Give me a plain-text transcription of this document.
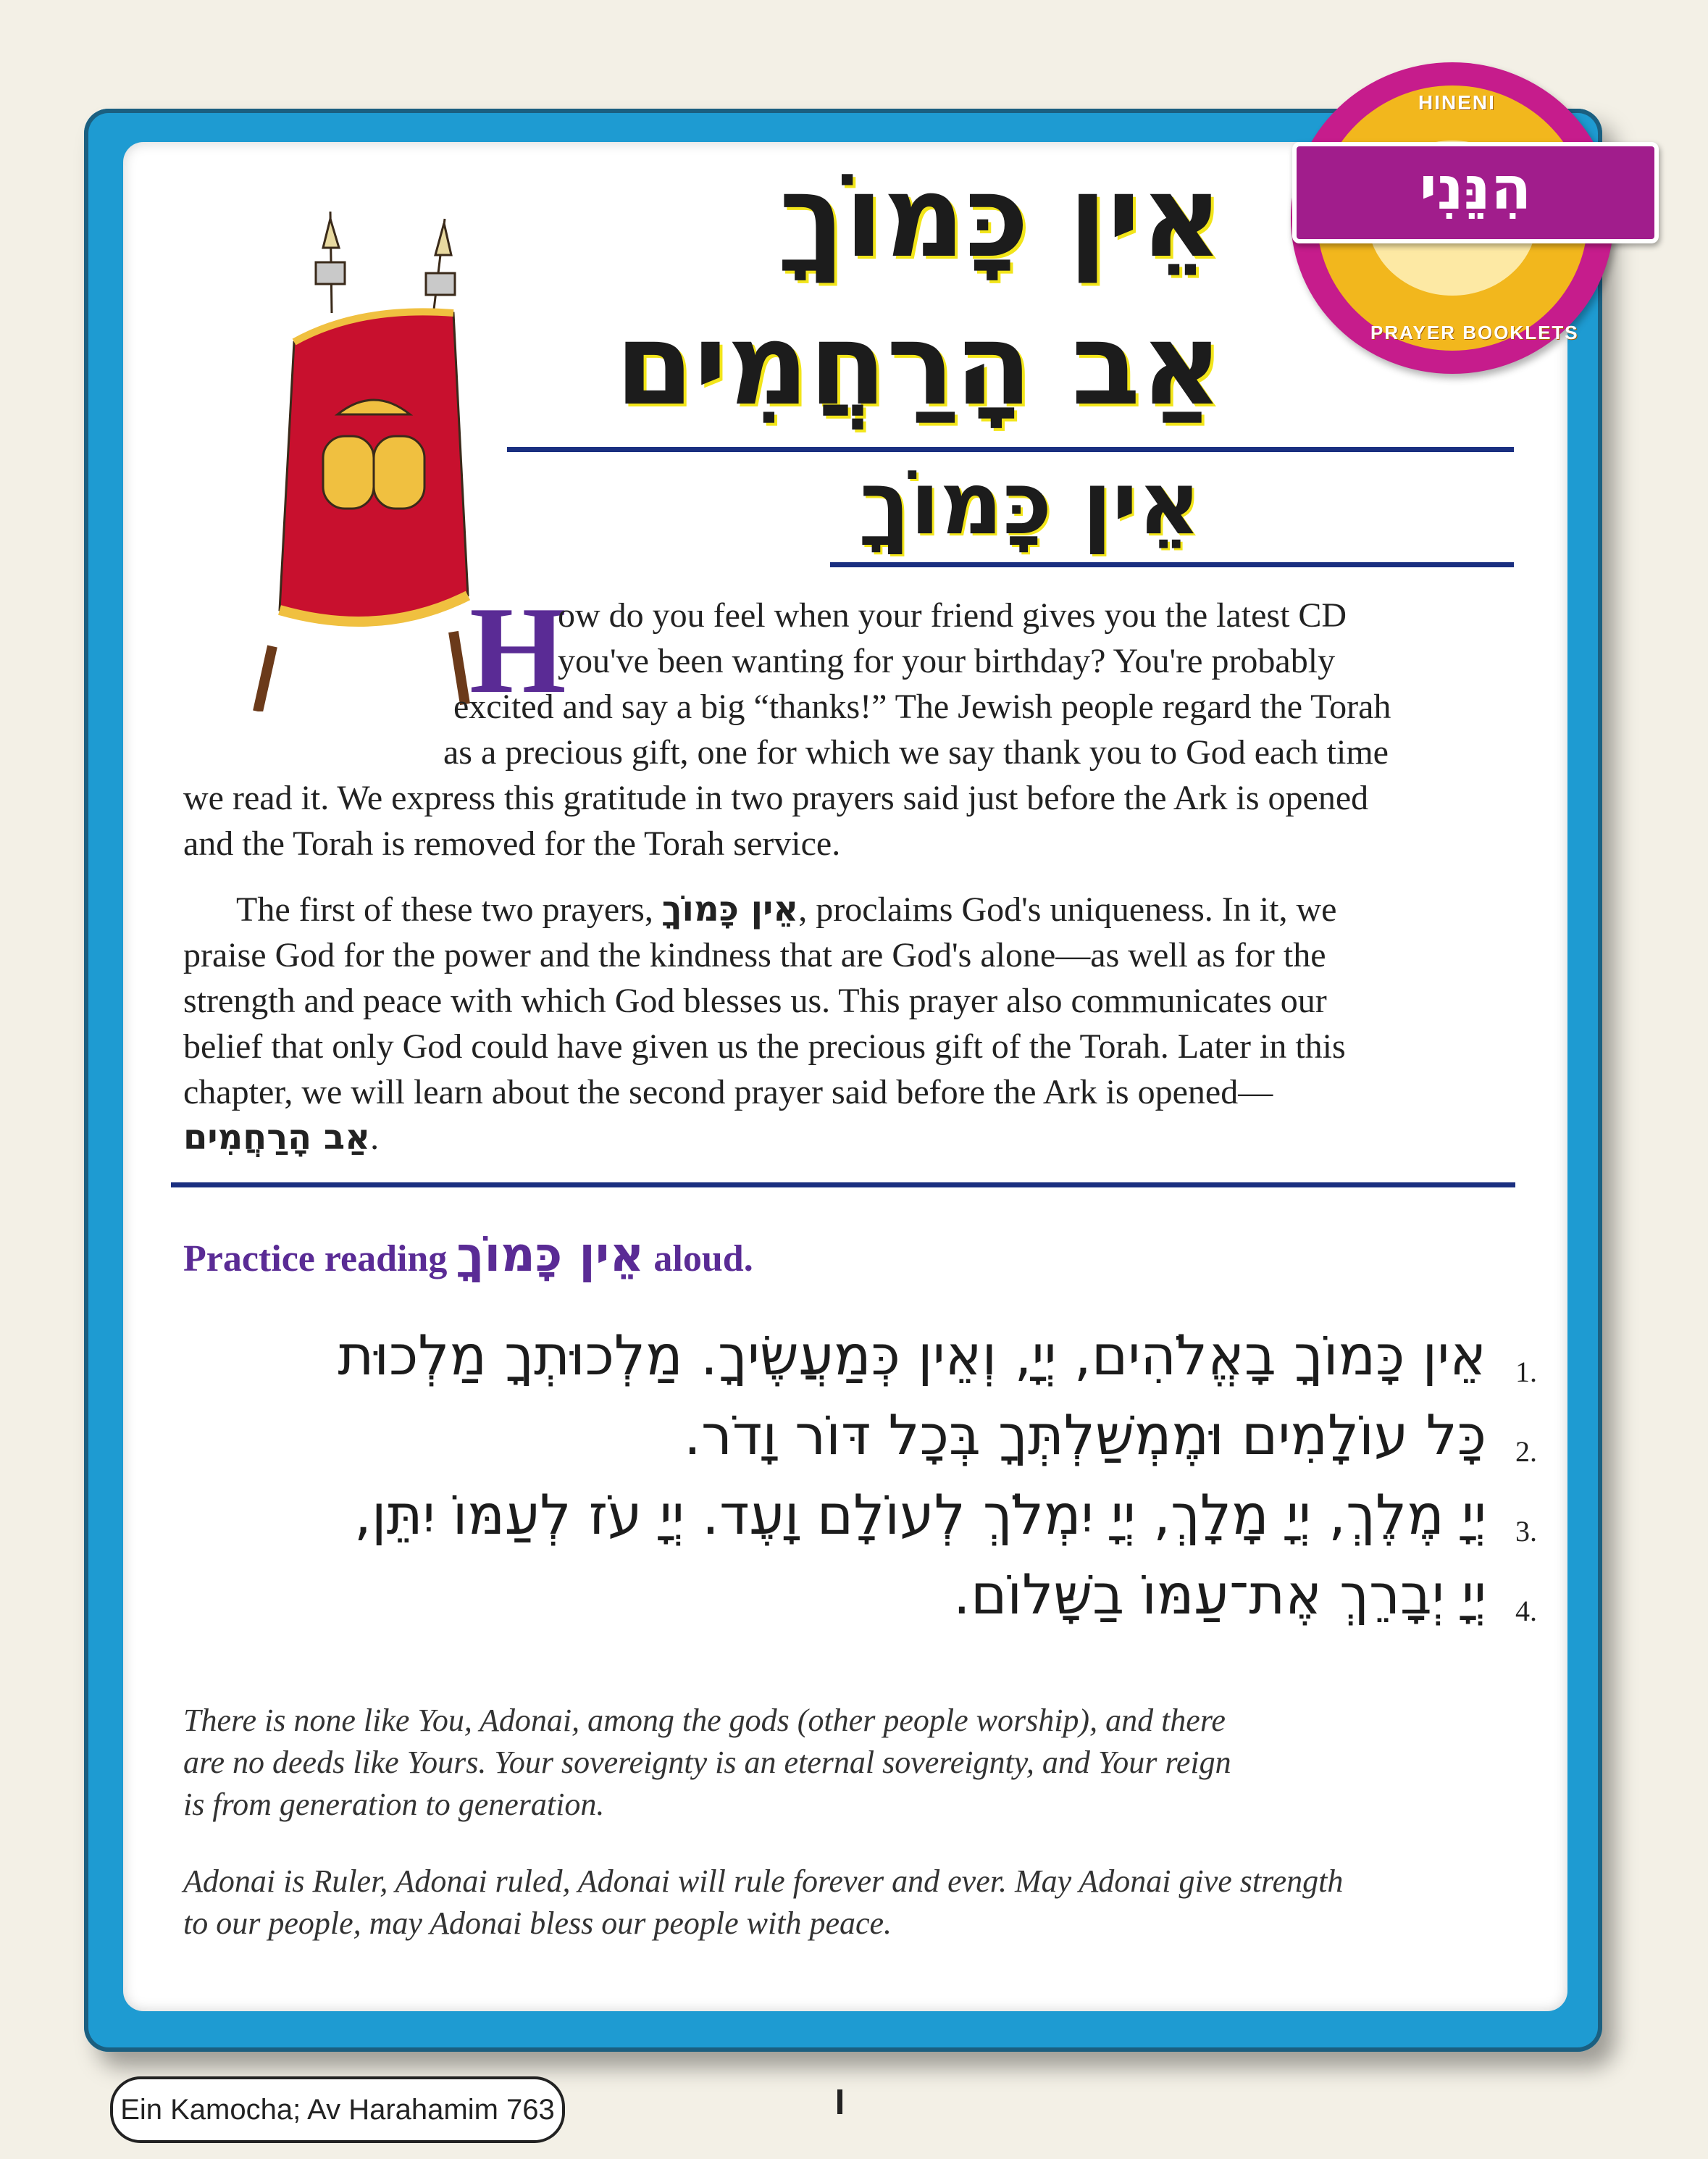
HINENI
PRAYER BOOKLETS
הִנֵּנִי
אֵין כָּמוֹךָ
אַב הָרַחֲמִים
אֵין כָּמוֹךָ
H
ow do you feel when your friend gives you the latest CD
you've been wanting for your birthday? You're probably
excited and say a big “thanks!” The Jewish people regard the Torah
as a precious gift, one for which we say thank you to God each time
we read it. We express this gratitude in two prayers said just before the Ark is opened
and the Torah is removed for the Torah service.
The first of these two prayers, אֵין כָּמוֹךָ, proclaims God's uniqueness. In it, we
praise God for the power and the kindness that are God's alone—as well as for the
strength and peace with which God blesses us. This prayer also communicates our
belief that only God could have given us the precious gift of the Torah. Later in this
chapter, we will learn about the second prayer said before the Ark is opened—
אַב הָרַחֲמִים.
Practice reading אֵין כָּמוֹךָ aloud.
1.
אֵין כָּמוֹךָ בָאֱלֹהִים, יְיָ, וְאֵין כְּמַעֲשֶׂיךָ. מַלְכוּתְךָ מַלְכוּת
2.
כָּל עוֹלָמִים וּמֶמְשַׁלְתְּךָ בְּכָל דּוֹר וָדֹר.
3.
יְיָ מֶלֶךְ, יְיָ מָלָךְ, יְיָ יִמְלֹךְ לְעוֹלָם וָעֶד. יְיָ עֹז לְעַמּוֹ יִתֵּן,
4.
יְיָ יְבָרֵךְ אֶת־עַמּוֹ בַשָּׁלוֹם.
There is none like You, Adonai, among the gods (other people worship), and there
are no deeds like Yours. Your sovereignty is an eternal sovereignty, and Your reign
is from generation to generation.
Adonai is Ruler, Adonai ruled, Adonai will rule forever and ever. May Adonai give strength
to our people, may Adonai bless our people with peace.
Ein Kamocha; Av Harahamim 763
